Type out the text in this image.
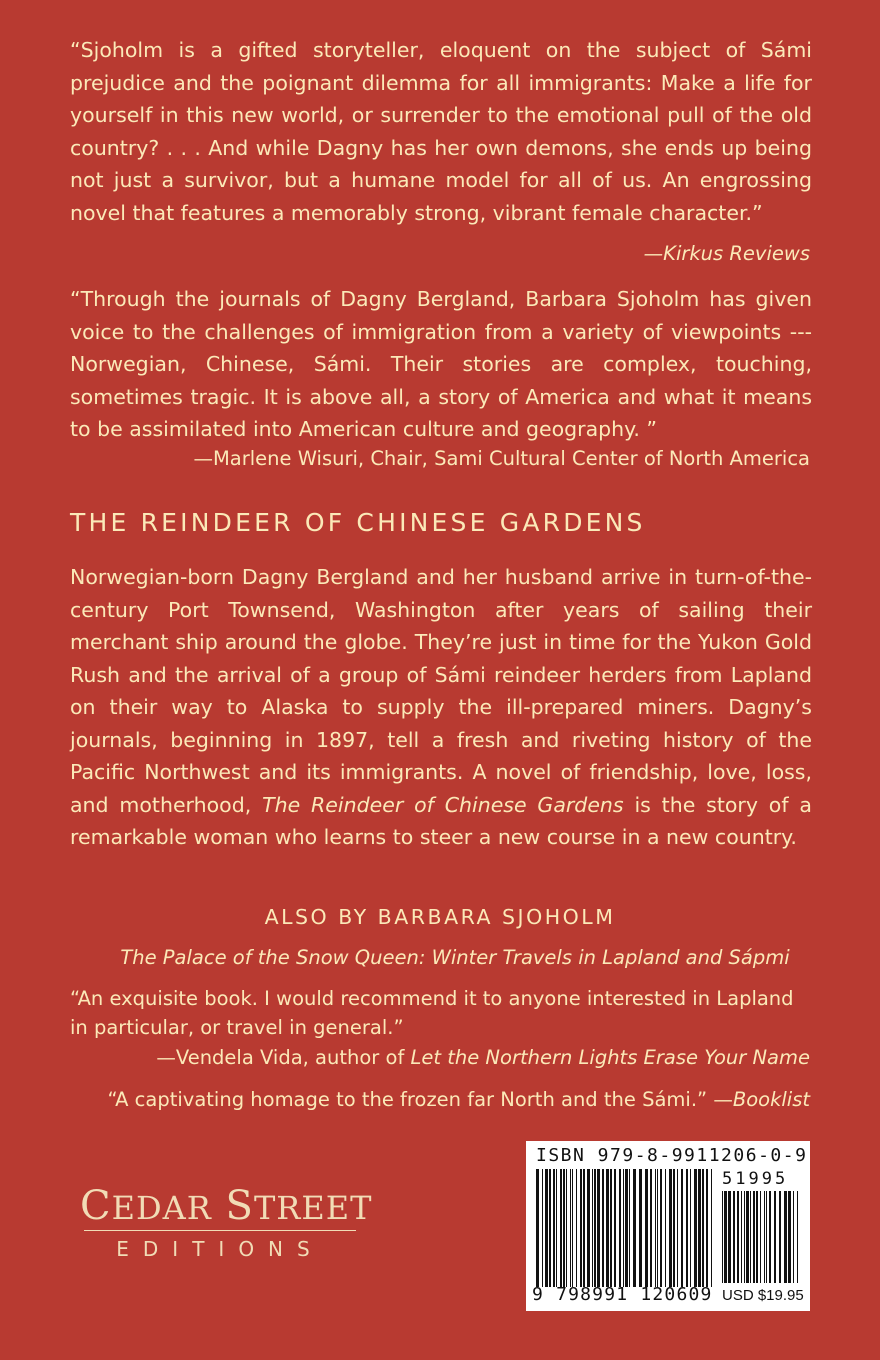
“Sjoholm is a gifted storyteller, eloquent on the subject of Sámi prejudice and the poignant dilemma for all immigrants: Make a life for yourself in this new world, or surrender to the emotional pull of the old country? . . . And while Dagny has her own demons, she ends up being not just a survivor, but a humane model for all of us. An engrossing novel that features a memorably strong, vibrant female character.”

—Kirkus Reviews

“Through the journals of Dagny Bergland, Barbara Sjoholm has given voice to the challenges of immigration from a variety of viewpoints --- Norwegian, Chinese, Sámi. Their stories are complex, touching, sometimes tragic. It is above all, a story of America and what it means to be assimilated into American culture and geography. ”

—Marlene Wisuri, Chair, Sami Cultural Center of North America
THE REINDEER OF CHINESE GARDENS

Norwegian-born Dagny Bergland and her husband arrive in turn-of-the-century Port Townsend, Washington after years of sailing their merchant ship around the globe. They’re just in time for the Yukon Gold Rush and the arrival of a group of Sámi reindeer herders from Lapland on their way to Alaska to supply the ill-prepared miners. Dagny’s journals, beginning in 1897, tell a fresh and riveting history of the Pacific Northwest and its immigrants. A novel of friendship, love, loss, and motherhood, The Reindeer of Chinese Gardens is the story of a remarkable woman who learns to steer a new course in a new country.

ALSO BY BARBARA SJOHOLM
The Palace of the Snow Queen: Winter Travels in Lapland and Sápmi

“An exquisite book. I would recommend it to anyone interested in Lapland in particular, or travel in general.”

—Vendela Vida, author of Let the Northern Lights Erase Your Name
“A captivating homage to the frozen far North and the Sámi.” —Booklist
CEDAR STREET
EDITIONS
ISBN 979-8-9911206-0-9
51995
9 798991 120609 USD $19.95
